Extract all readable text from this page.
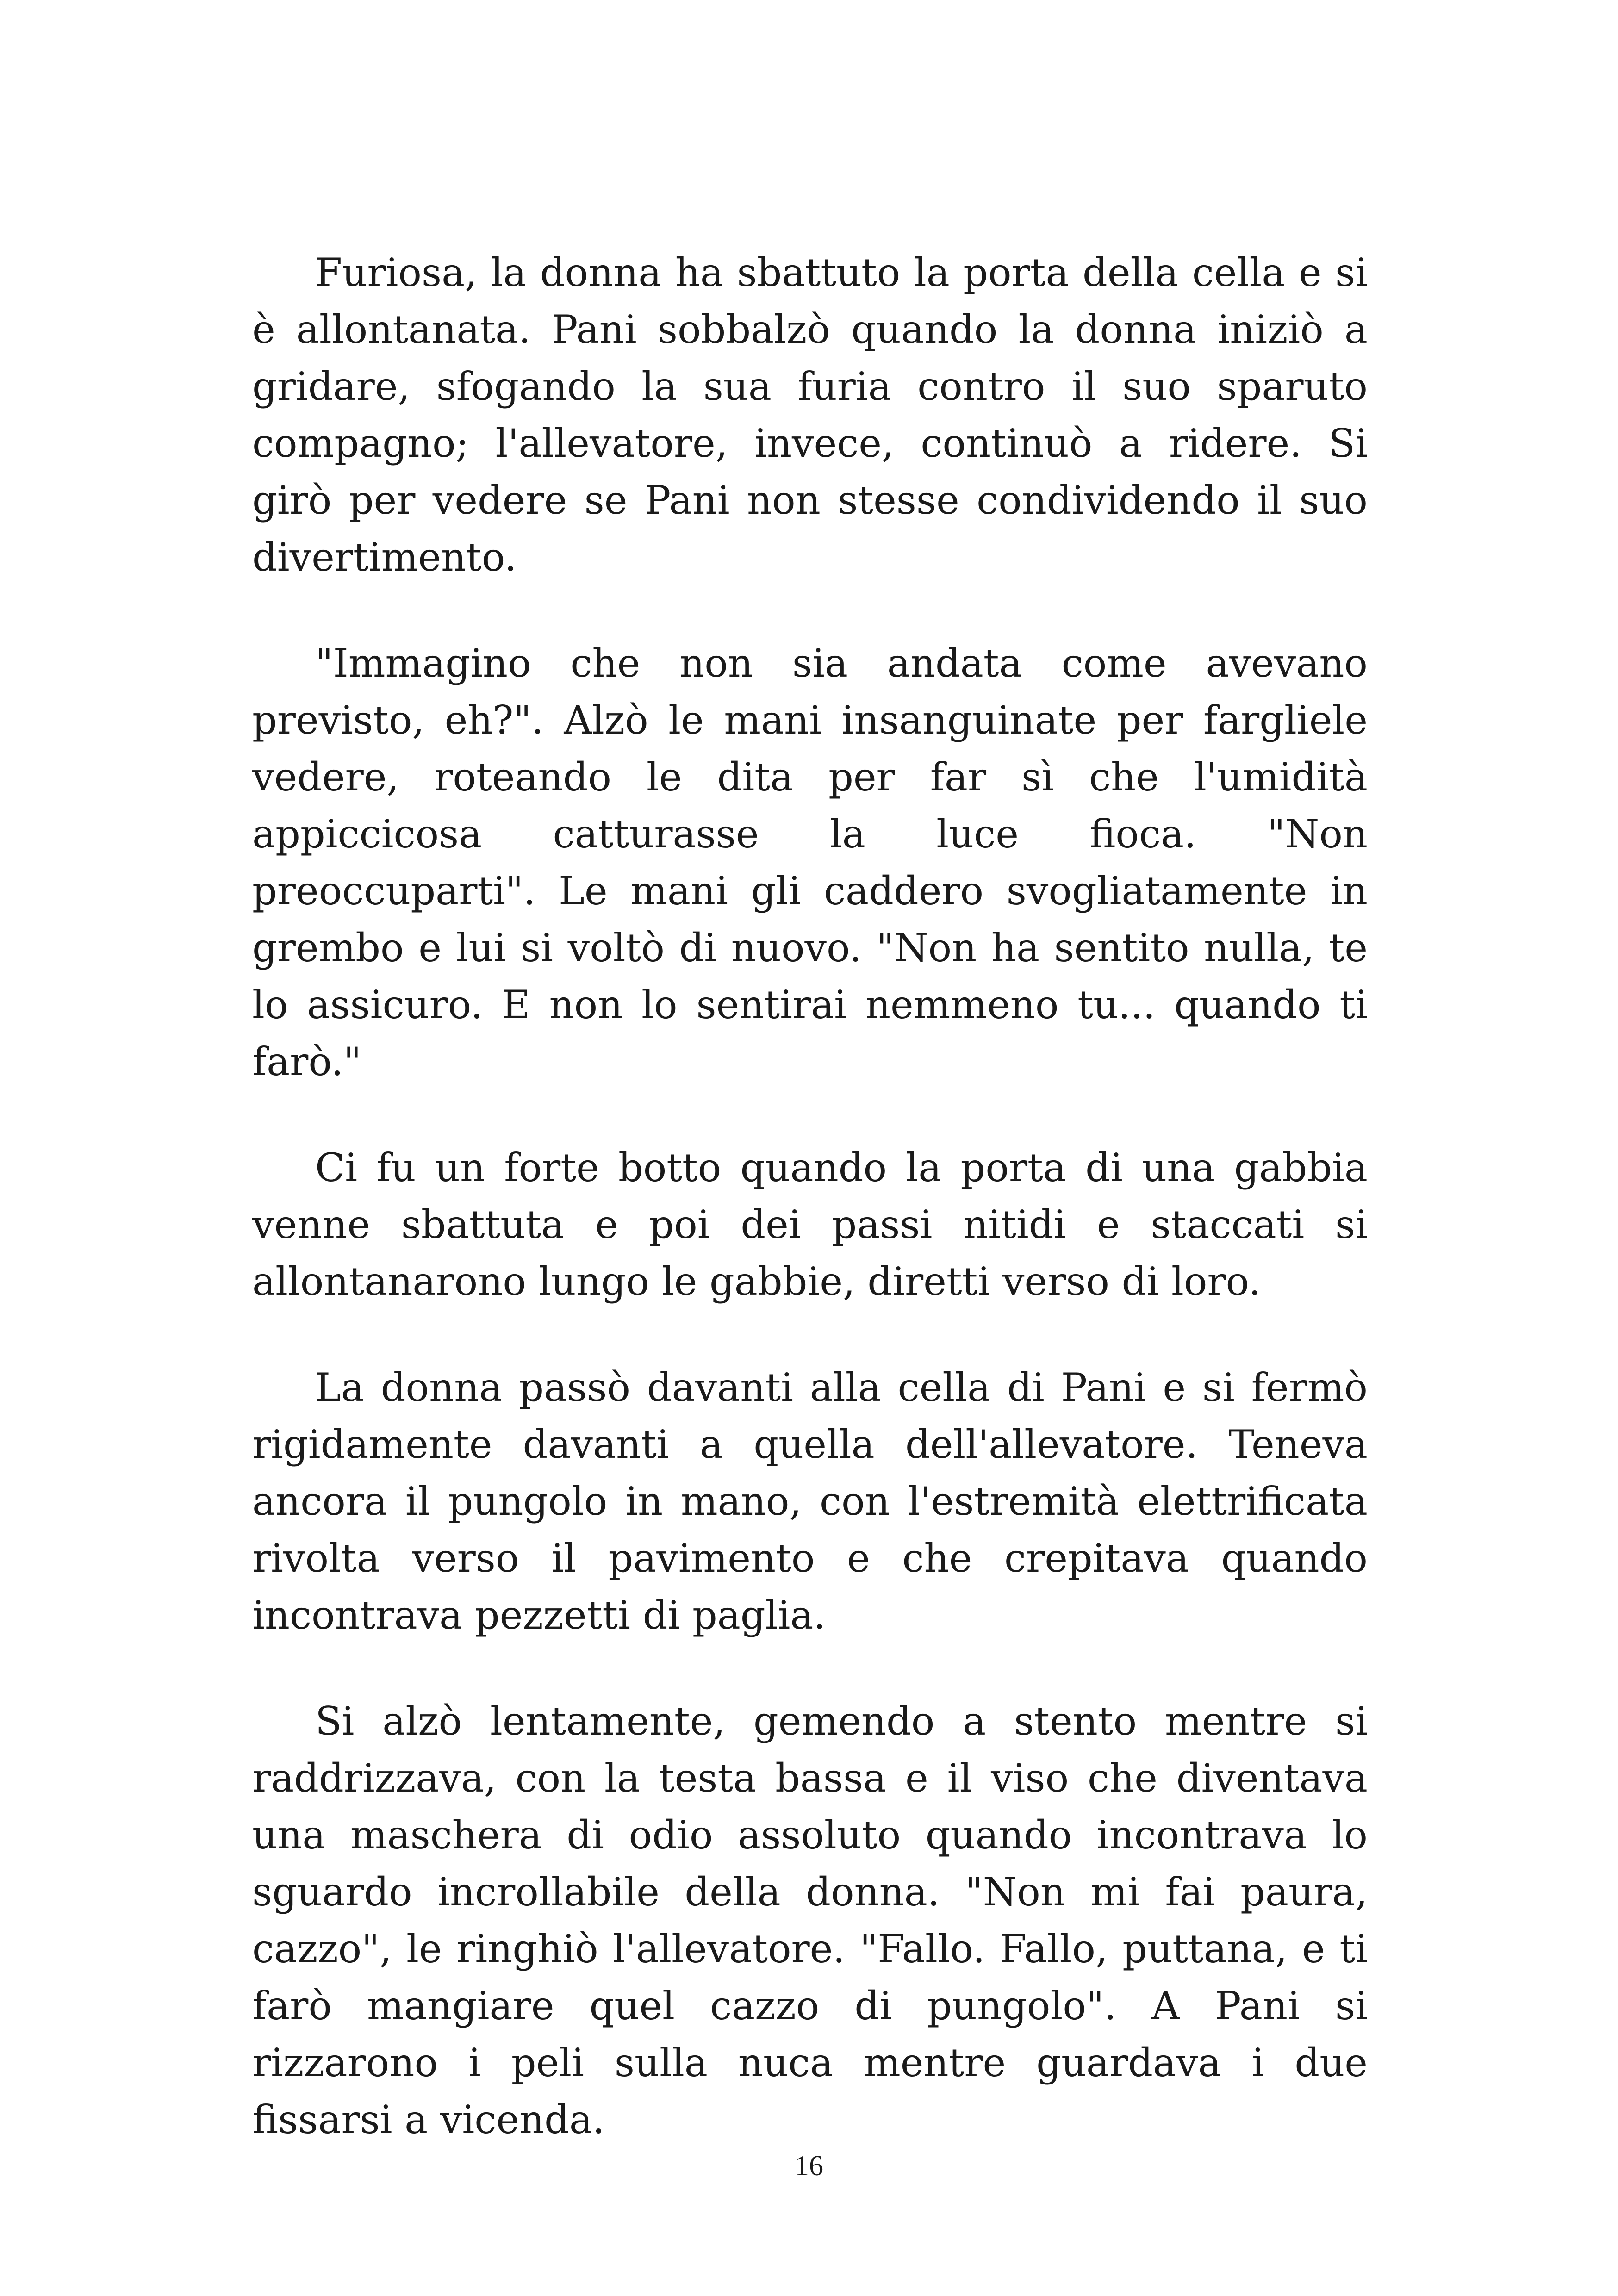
Furiosa, la donna ha sbattuto la porta della cella e si è allontanata. Pani sobbalzò quando la donna iniziò a gridare, sfogando la sua furia contro il suo sparuto compagno; l'allevatore, invece, continuò a ridere. Si girò per vedere se Pani non stesse condividendo il suo divertimento.

"Immagino che non sia andata come avevano previsto, eh?". Alzò le mani insanguinate per fargliele vedere, roteando le dita per far sì che l'umidità appiccicosa catturasse la luce fioca. "Non preoccuparti". Le mani gli caddero svogliatamente in grembo e lui si voltò di nuovo. "Non ha sentito nulla, te lo assicuro. E non lo sentirai nemmeno tu... quando ti farò."

Ci fu un forte botto quando la porta di una gabbia venne sbattuta e poi dei passi nitidi e staccati si allontanarono lungo le gabbie, diretti verso di loro.

La donna passò davanti alla cella di Pani e si fermò rigidamente davanti a quella dell'allevatore. Teneva ancora il pungolo in mano, con l'estremità elettrificata rivolta verso il pavimento e che crepitava quando incontrava pezzetti di paglia.

Si alzò lentamente, gemendo a stento mentre si raddrizzava, con la testa bassa e il viso che diventava una maschera di odio assoluto quando incontrava lo sguardo incrollabile della donna. "Non mi fai paura, cazzo", le ringhiò l'allevatore. "Fallo. Fallo, puttana, e ti farò mangiare quel cazzo di pungolo". A Pani si rizzarono i peli sulla nuca mentre guardava i due fissarsi a vicenda.

16
